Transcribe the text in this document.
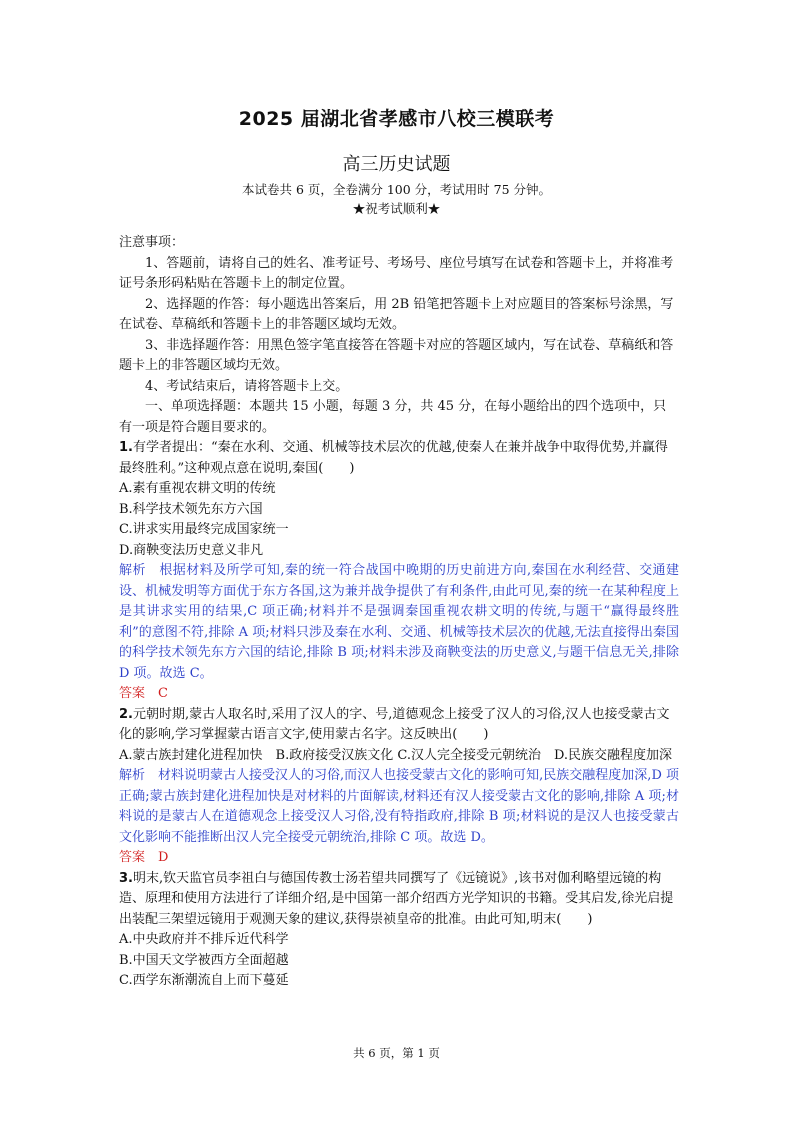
2025 届湖北省孝感市八校三模联考
高三历史试题
本试卷共 6 页，全卷满分 100 分，考试用时 75 分钟。
★祝考试顺利★

注意事项：

1、答题前，请将自己的姓名、准考证号、考场号、座位号填写在试卷和答题卡上，并将准考证号条形码粘贴在答题卡上的制定位置。

2、选择题的作答：每小题选出答案后，用 2B 铅笔把答题卡上对应题目的答案标号涂黑，写在试卷、草稿纸和答题卡上的非答题区域均无效。

3、非选择题作答：用黑色签字笔直接答在答题卡对应的答题区域内，写在试卷、草稿纸和答题卡上的非答题区域均无效。

4、考试结束后，请将答题卡上交。

一、单项选择题：本题共 15 小题，每题 3 分，共 45 分，在每小题给出的四个选项中，只有一项是符合题目要求的。

1.有学者提出：“秦在水利、交通、机械等技术层次的优越,使秦人在兼并战争中取得优势,并赢得最终胜利。”这种观点意在说明,秦国(　　)

A.素有重视农耕文明的传统

B.科学技术领先东方六国

C.讲求实用最终完成国家统一

D.商鞅变法历史意义非凡

解析　根据材料及所学可知,秦的统一符合战国中晚期的历史前进方向,秦国在水利经营、交通建设、机械发明等方面优于东方各国,这为兼并战争提供了有利条件,由此可见,秦的统一在某种程度上是其讲求实用的结果,C 项正确;材料并不是强调秦国重视农耕文明的传统,与题干“赢得最终胜利”的意图不符,排除 A 项;材料只涉及秦在水利、交通、机械等技术层次的优越,无法直接得出秦国的科学技术领先东方六国的结论,排除 B 项;材料未涉及商鞅变法的历史意义,与题干信息无关,排除 D 项。故选 C。

答案　C

2.元朝时期,蒙古人取名时,采用了汉人的字、号,道德观念上接受了汉人的习俗,汉人也接受蒙古文化的影响,学习掌握蒙古语言文字,使用蒙古名字。这反映出(　　)

A.蒙古族封建化进程加快　B.政府接受汉族文化 C.汉人完全接受元朝统治　D.民族交融程度加深

解析　材料说明蒙古人接受汉人的习俗,而汉人也接受蒙古文化的影响可知,民族交融程度加深,D 项正确;蒙古族封建化进程加快是对材料的片面解读,材料还有汉人接受蒙古文化的影响,排除 A 项;材料说的是蒙古人在道德观念上接受汉人习俗,没有特指政府,排除 B 项;材料说的是汉人也接受蒙古文化影响不能推断出汉人完全接受元朝统治,排除 C 项。故选 D。

答案　D

3.明末,钦天监官员李祖白与德国传教士汤若望共同撰写了《远镜说》,该书对伽利略望远镜的构造、原理和使用方法进行了详细介绍,是中国第一部介绍西方光学知识的书籍。受其启发,徐光启提出装配三架望远镜用于观测天象的建议,获得崇祯皇帝的批准。由此可知,明末(　　)

A.中央政府并不排斥近代科学

B.中国天文学被西方全面超越

C.西学东渐潮流自上而下蔓延

共 6 页，第 1 页
